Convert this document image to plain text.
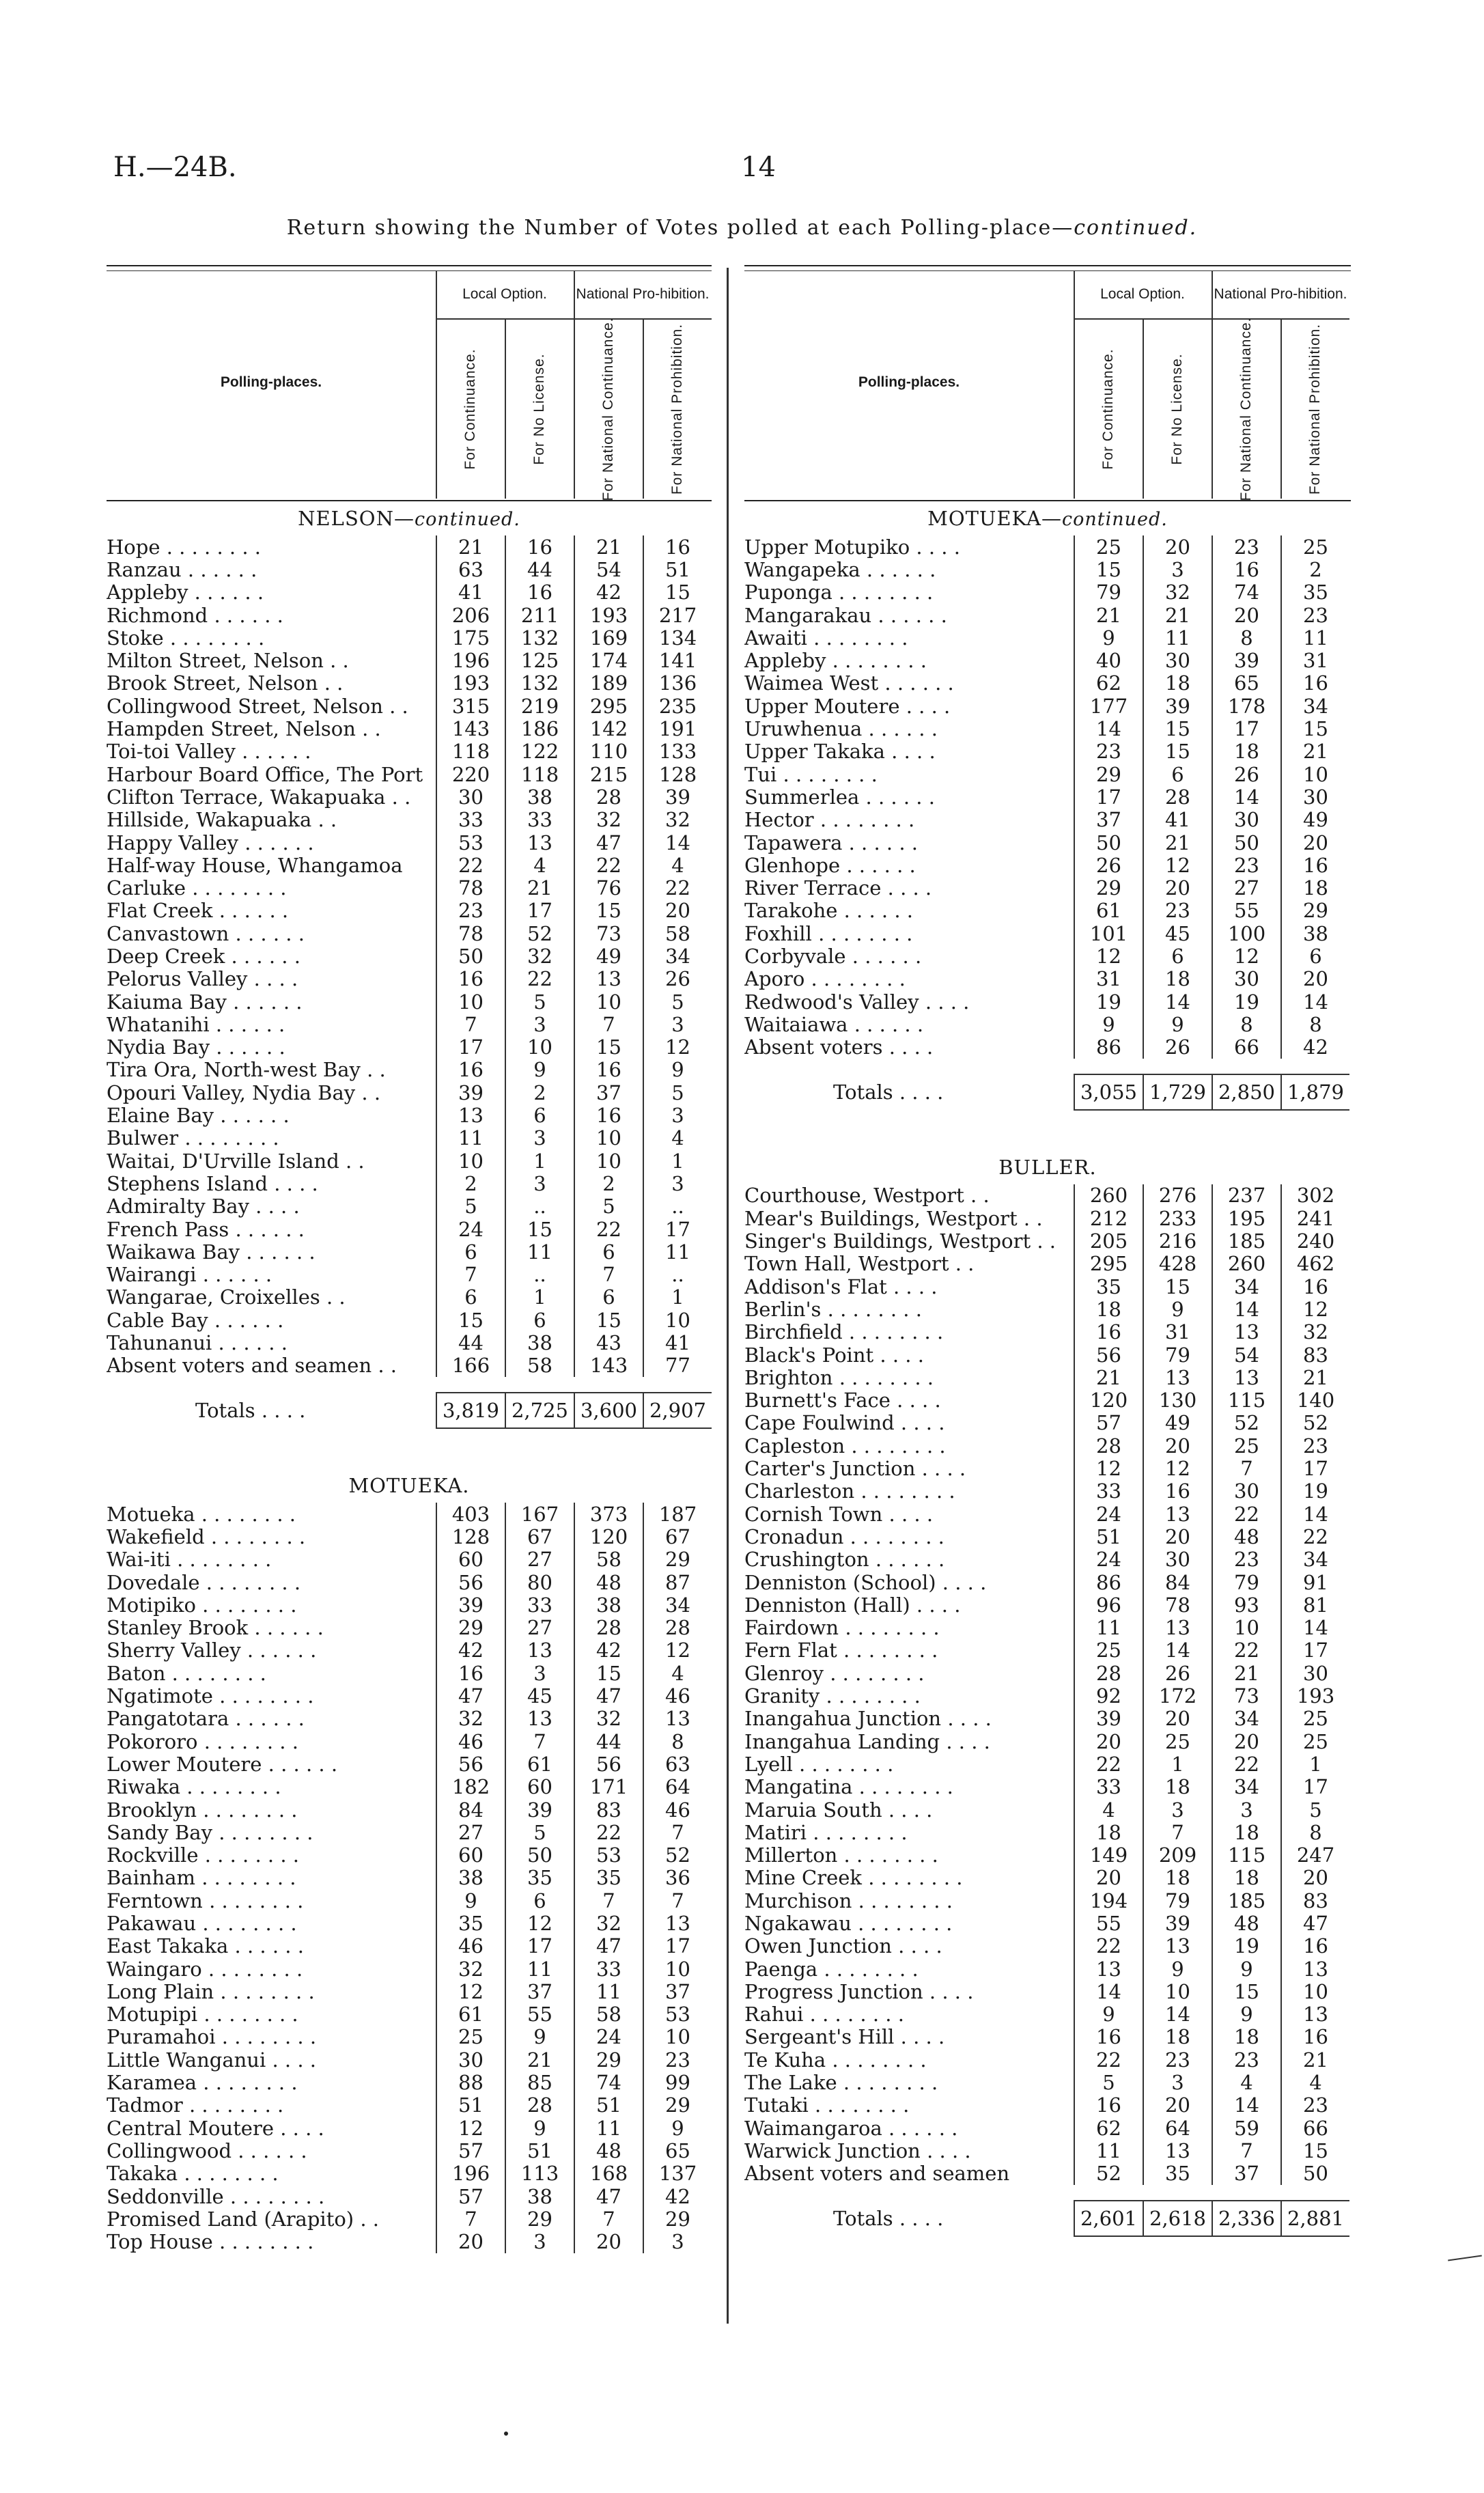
H.—24B.	14
Return showing the Number of Votes polled at each Polling-place—continued.
Polling-places.
Local Option.	National Pro-hibition.
For Continuance.	For No License.	For National Continuance.	For National Prohibition.
NELSON—continued.
Hope . . . . . . . .	21	16	21	16
Ranzau . . . . . .	63	44	54	51
Appleby . . . . . .	41	16	42	15
Richmond . . . . . .	206	211	193	217
Stoke . . . . . . . .	175	132	169	134
Milton Street, Nelson . .	196	125	174	141
Brook Street, Nelson . .	193	132	189	136
Collingwood Street, Nelson . .	315	219	295	235
Hampden Street, Nelson . .	143	186	142	191
Toi-toi Valley . . . . . .	118	122	110	133
Harbour Board Office, The Port	220	118	215	128
Clifton Terrace, Wakapuaka . .	30	38	28	39
Hillside, Wakapuaka . .	33	33	32	32
Happy Valley . . . . . .	53	13	47	14
Half-way House, Whangamoa	22	4	22	4
Carluke . . . . . . . .	78	21	76	22
Flat Creek . . . . . .	23	17	15	20
Canvastown . . . . . .	78	52	73	58
Deep Creek . . . . . .	50	32	49	34
Pelorus Valley . . . .	16	22	13	26
Kaiuma Bay . . . . . .	10	5	10	5
Whatanihi . . . . . .	7	3	7	3
Nydia Bay . . . . . .	17	10	15	12
Tira Ora, North-west Bay . .	16	9	16	9
Opouri Valley, Nydia Bay . .	39	2	37	5
Elaine Bay . . . . . .	13	6	16	3
Bulwer . . . . . . . .	11	3	10	4
Waitai, D'Urville Island . .	10	1	10	1
Stephens Island . . . .	2	3	2	3
Admiralty Bay . . . .	5	..	5	..
French Pass . . . . . .	24	15	22	17
Waikawa Bay . . . . . .	6	11	6	11
Wairangi . . . . . .	7	..	7	..
Wangarae, Croixelles . .	6	1	6	1
Cable Bay . . . . . .	15	6	15	10
Tahunanui . . . . . .	44	38	43	41
Absent voters and seamen . .	166	58	143	77
Totals . . . .	3,819 2,725 3,600 2,907
MOTUEKA.
Motueka . . . . . . . .	403	167	373	187
Wakefield . . . . . . . .	128	67	120	67
Wai-iti . . . . . . . .	60	27	58	29
Dovedale . . . . . . . .	56	80	48	87
Motipiko . . . . . . . .	39	33	38	34
Stanley Brook . . . . . .	29	27	28	28
Sherry Valley . . . . . .	42	13	42	12
Baton . . . . . . . .	16	3	15	4
Ngatimote . . . . . . . .	47	45	47	46
Pangatotara . . . . . .	32	13	32	13
Pokororo . . . . . . . .	46	7	44	8
Lower Moutere . . . . . .	56	61	56	63
Riwaka . . . . . . . .	182	60	171	64
Brooklyn . . . . . . . .	84	39	83	46
Sandy Bay . . . . . . . .	27	5	22	7
Rockville . . . . . . . .	60	50	53	52
Bainham . . . . . . . .	38	35	35	36
Ferntown . . . . . . . .	9	6	7	7
Pakawau . . . . . . . .	35	12	32	13
East Takaka . . . . . .	46	17	47	17
Waingaro . . . . . . . .	32	11	33	10
Long Plain . . . . . . . .	12	37	11	37
Motupipi . . . . . . . .	61	55	58	53
Puramahoi . . . . . . . .	25	9	24	10
Little Wanganui . . . .	30	21	29	23
Karamea . . . . . . . .	88	85	74	99
Tadmor . . . . . . . .	51	28	51	29
Central Moutere . . . .	12	9	11	9
Collingwood . . . . . .	57	51	48	65
Takaka . . . . . . . .	196	113	168	137
Seddonville . . . . . . . .	57	38	47	42
Promised Land (Arapito) . .	7	29	7	29
Top House . . . . . . . .	20	3	20	3
Polling-places.
Local Option.	National Pro-hibition.
For Continuance.	For No License.	For National Continuance.	For National Prohibition.
MOTUEKA—continued.
Upper Motupiko . . . .	25	20	23	25
Wangapeka . . . . . .	15	3	16	2
Puponga . . . . . . . .	79	32	74	35
Mangarakau . . . . . .	21	21	20	23
Awaiti . . . . . . . .	9	11	8	11
Appleby . . . . . . . .	40	30	39	31
Waimea West . . . . . .	62	18	65	16
Upper Moutere . . . .	177	39	178	34
Uruwhenua . . . . . .	14	15	17	15
Upper Takaka . . . .	23	15	18	21
Tui . . . . . . . .	29	6	26	10
Summerlea . . . . . .	17	28	14	30
Hector . . . . . . . .	37	41	30	49
Tapawera . . . . . .	50	21	50	20
Glenhope . . . . . .	26	12	23	16
River Terrace . . . .	29	20	27	18
Tarakohe . . . . . .	61	23	55	29
Foxhill . . . . . . . .	101	45	100	38
Corbyvale . . . . . .	12	6	12	6
Aporo . . . . . . . .	31	18	30	20
Redwood's Valley . . . .	19	14	19	14
Waitaiawa . . . . . .	9	9	8	8
Absent voters . . . .	86	26	66	42
Totals . . . .	3,055 1,729 2,850 1,879
BULLER.
Courthouse, Westport . .	260	276	237	302
Mear's Buildings, Westport . .	212	233	195	241
Singer's Buildings, Westport . .	205	216	185	240
Town Hall, Westport . .	295	428	260	462
Addison's Flat . . . .	35	15	34	16
Berlin's . . . . . . . .	18	9	14	12
Birchfield . . . . . . . .	16	31	13	32
Black's Point . . . .	56	79	54	83
Brighton . . . . . . . .	21	13	13	21
Burnett's Face . . . .	120	130	115	140
Cape Foulwind . . . .	57	49	52	52
Capleston . . . . . . . .	28	20	25	23
Carter's Junction . . . .	12	12	7	17
Charleston . . . . . . . .	33	16	30	19
Cornish Town . . . .	24	13	22	14
Cronadun . . . . . . . .	51	20	48	22
Crushington . . . . . .	24	30	23	34
Denniston (School) . . . .	86	84	79	91
Denniston (Hall) . . . .	96	78	93	81
Fairdown . . . . . . . .	11	13	10	14
Fern Flat . . . . . . . .	25	14	22	17
Glenroy . . . . . . . .	28	26	21	30
Granity . . . . . . . .	92	172	73	193
Inangahua Junction . . . .	39	20	34	25
Inangahua Landing . . . .	20	25	20	25
Lyell . . . . . . . .	22	1	22	1
Mangatina . . . . . . . .	33	18	34	17
Maruia South . . . .	4	3	3	5
Matiri . . . . . . . .	18	7	18	8
Millerton . . . . . . . .	149	209	115	247
Mine Creek . . . . . . . .	20	18	18	20
Murchison . . . . . . . .	194	79	185	83
Ngakawau . . . . . . . .	55	39	48	47
Owen Junction . . . .	22	13	19	16
Paenga . . . . . . . .	13	9	9	13
Progress Junction . . . .	14	10	15	10
Rahui . . . . . . . .	9	14	9	13
Sergeant's Hill . . . .	16	18	18	16
Te Kuha . . . . . . . .	22	23	23	21
The Lake . . . . . . . .	5	3	4	4
Tutaki . . . . . . . .	16	20	14	23
Waimangaroa . . . . . .	62	64	59	66
Warwick Junction . . . .	11	13	7	15
Absent voters and seamen	52	35	37	50
Totals . . . .	2,601 2,618 2,336 2,881
